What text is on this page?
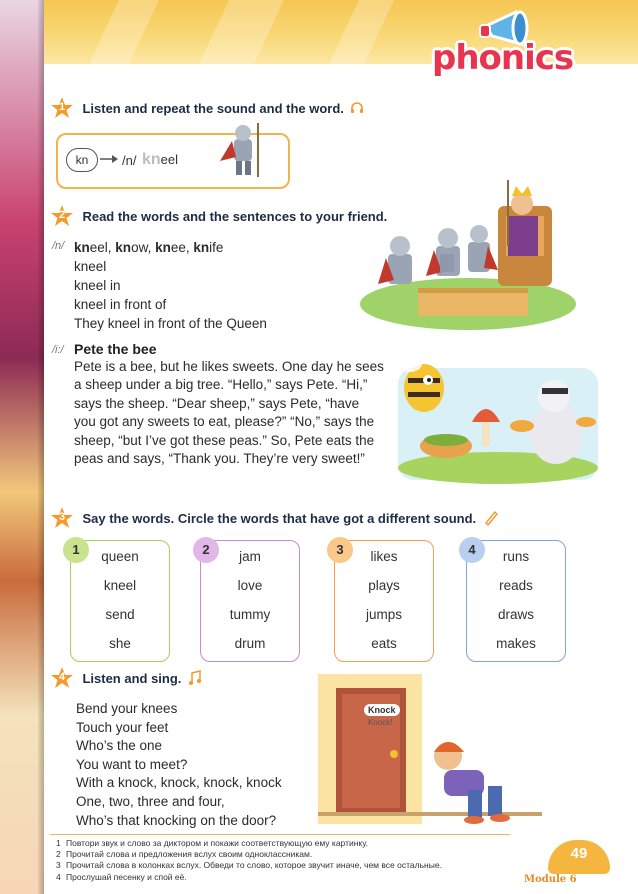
phonics
1	Listen and repeat the sound and the word.
kn	/n/ kneel
2	Read the words and the sentences to your friend.
/n/ kneel, know, knee, knife
kneel
kneel in
kneel in front of
They kneel in front of the Queen
/i:/ Pete the bee
Pete is a bee, but he likes sweets. One day he sees a sheep under a big tree. “Hello,” says Pete. “Hi,” says the sheep. “Dear sheep,” says Pete, “have you got any sweets to eat, please?” “No,” says the sheep, “but I’ve got these peas.” So, Pete eats the peas and says, “Thank you. They’re very sweet!”
3	Say the words. Circle the words that have got a different sound.
1	queen
kneel
send
she
2	jam
love
tummy
drum
3	likes
plays
jumps
eats
4	runs
reads
draws
makes
4	Listen and sing.
Bend your knees
Touch your feet
Who’s the one
You want to meet?
With a knock, knock, knock, knock
One, two, three and four,
Who’s that knocking on the door?
Knock
Knock!
1 Повтори звук и слово за диктором и покажи соответствующую ему картинку.
2 Прочитай слова и предложения вслух своим одноклассникам.
3 Прочитай слова в колонках вслух. Обведи то слово, которое звучит иначе, чем все остальные.
4 Прослушай песенку и спой её.
49
Module 6
